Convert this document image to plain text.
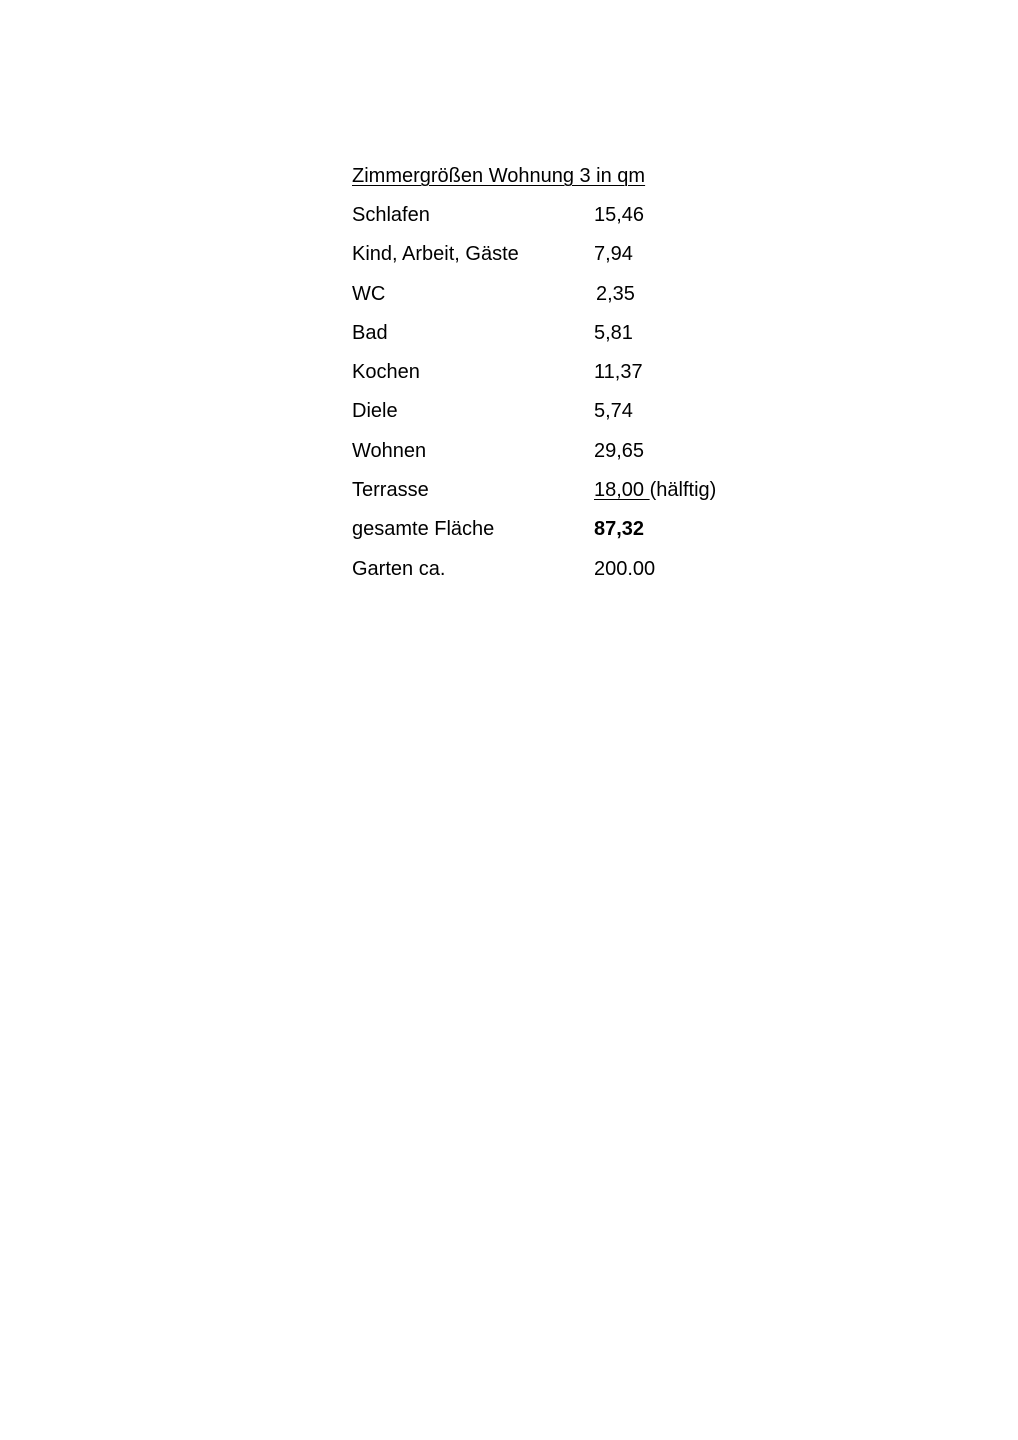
Zimmergrößen Wohnung 3 in qm
Schlafen	15,46
Kind, Arbeit, Gäste	7,94
WC	2,35
Bad	5,81
Kochen	11,37
Diele	5,74
Wohnen	29,65
Terrasse	18,00 (hälftig)
gesamte Fläche	87,32
Garten ca.	200.00
